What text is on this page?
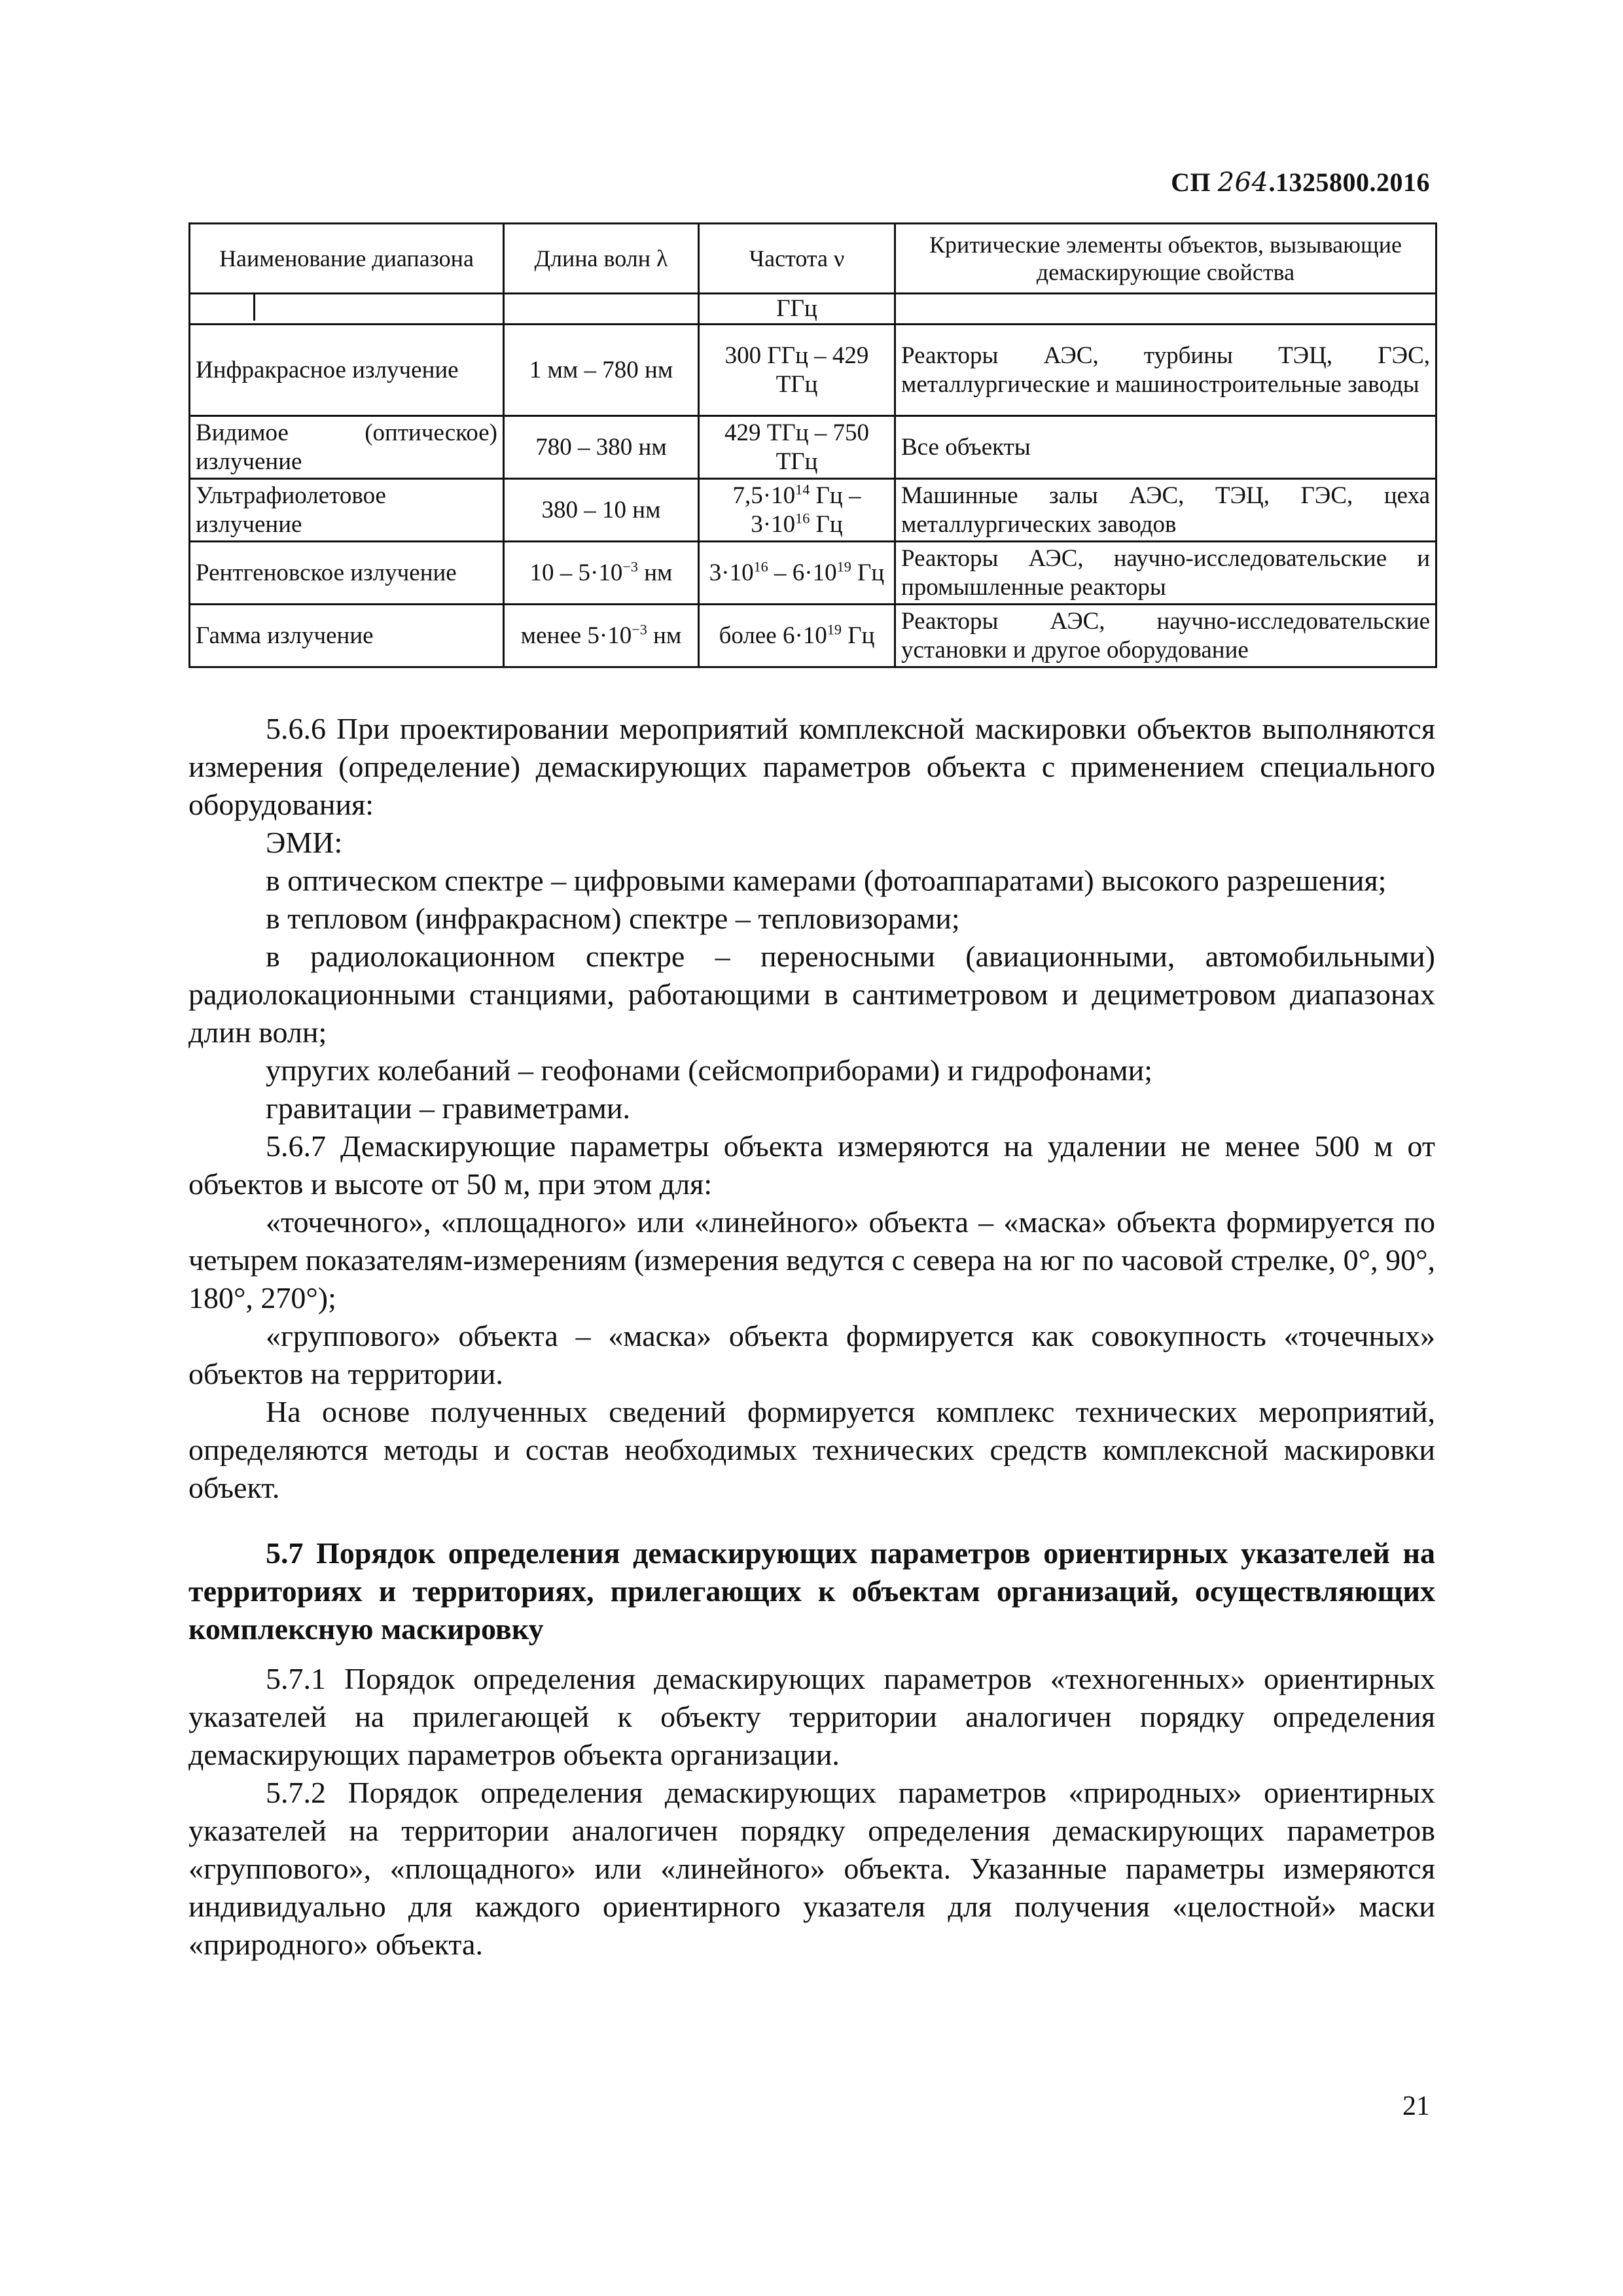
СП 264.1325800.2016
Наименование диапазона	Длина волн λ	Частота ν	Критические элементы объектов, вызывающие демаскирующие свойства

		ГГц	
Инфракрасное излучение	1 мм – 780 нм	300 ГГц – 429 ТГц	Реакторы АЭС, турбины ТЭЦ, ГЭС, металлургические и машиностроительные заводы
Видимое (оптическое) излучение	780 – 380 нм	429 ТГц – 750 ТГц	Все объекты
Ультрафиолетовое излучение	380 – 10 нм	$7,5\cdot 10^{14}$ Гц – $3\cdot 10^{16}$ Гц	Машинные залы АЭС, ТЭЦ, ГЭС, цеха металлургических заводов
Рентгеновское излучение	$10 - 5\cdot 10^{-3}$ нм	$3\cdot 10^{16} - 6\cdot 10^{19}$ Гц	Реакторы АЭС, научно-исследовательские и промышленные реакторы
Гамма излучение	менее $5\cdot 10^{-3}$ нм	более $6\cdot 10^{19}$ Гц	Реакторы АЭС, научно-исследовательские установки и другое оборудование

5.6.6 При проектировании мероприятий комплексной маскировки объектов выполняются измерения (определение) демаскирующих параметров объекта с применением специального оборудования:

ЭМИ:

в оптическом спектре – цифровыми камерами (фотоаппаратами) высокого разрешения;

в тепловом (инфракрасном) спектре – тепловизорами;

в радиолокационном спектре – переносными (авиационными, автомобильными) радиолокационными станциями, работающими в сантиметровом и дециметровом диапазонах длин волн;

упругих колебаний – геофонами (сейсмоприборами) и гидрофонами;

гравитации – гравиметрами.

5.6.7 Демаскирующие параметры объекта измеряются на удалении не менее 500 м от объектов и высоте от 50 м, при этом для:

«точечного», «площадного» или «линейного» объекта – «маска» объекта формируется по четырем показателям-измерениям (измерения ведутся с севера на юг по часовой стрелке, 0°, 90°, 180°, 270°);

«группового» объекта – «маска» объекта формируется как совокупность «точечных» объектов на территории.

На основе полученных сведений формируется комплекс технических мероприятий, определяются методы и состав необходимых технических средств комплексной маскировки объект.

5.7 Порядок определения демаскирующих параметров ориентирных указателей на территориях и территориях, прилегающих к объектам организаций, осуществляющих комплексную маскировку

5.7.1 Порядок определения демаскирующих параметров «техногенных» ориентирных указателей на прилегающей к объекту территории аналогичен порядку определения демаскирующих параметров объекта организации.

5.7.2 Порядок определения демаскирующих параметров «природных» ориентирных указателей на территории аналогичен порядку определения демаскирующих параметров «группового», «площадного» или «линейного» объекта. Указанные параметры измеряются индивидуально для каждого ориентирного указателя для получения «целостной» маски «природного» объекта.

21
